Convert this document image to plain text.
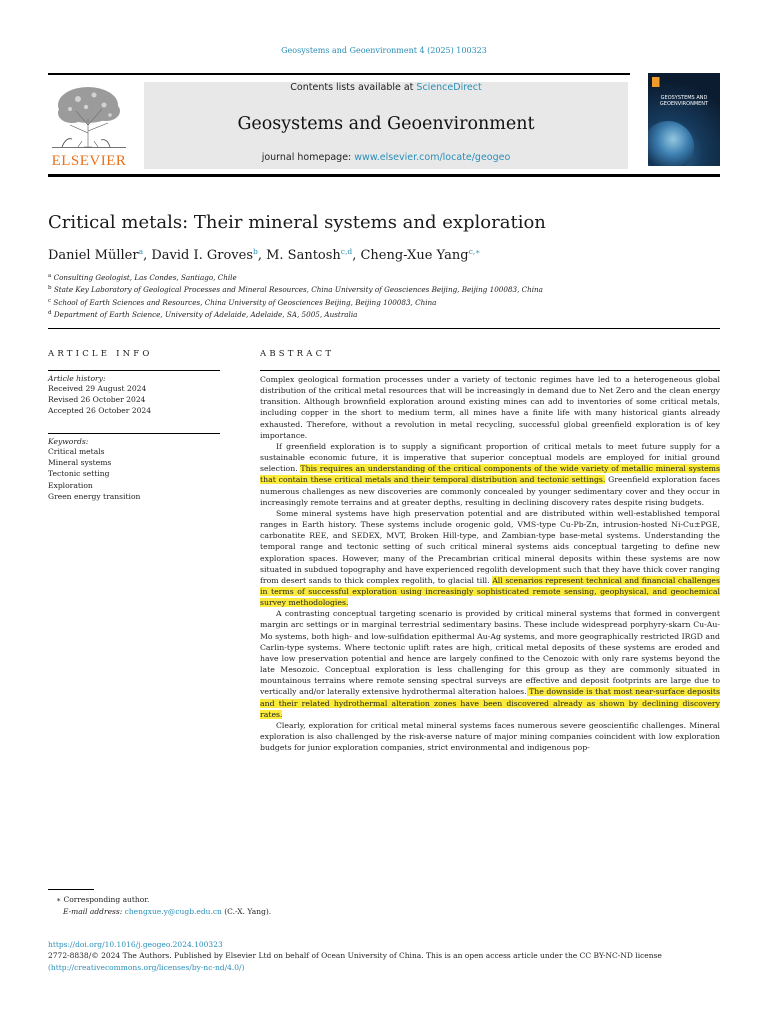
Geosystems and Geoenvironment 4 (2025) 100323
ELSEVIER
Contents lists available at ScienceDirect
Geosystems and Geoenvironment
journal homepage: www.elsevier.com/locate/geogeo
GEOSYSTEMS AND
GEOENVIRONMENT
Critical metals: Their mineral systems and exploration
Daniel Müller$^a$, David I. Groves$^b$, M. Santosh$^{c,d}$, Cheng-Xue Yang$^{c,∗}$
$^a$ Consulting Geologist, Las Condes, Santiago, Chile
$^b$ State Key Laboratory of Geological Processes and Mineral Resources, China University of Geosciences Beijing, Beijing 100083, China
$^c$ School of Earth Sciences and Resources, China University of Geosciences Beijing, Beijing 100083, China
$^d$ Department of Earth Science, University of Adelaide, Adelaide, SA, 5005, Australia
ARTICLE INFO	ABSTRACT
Article history:
Received 29 August 2024
Revised 26 October 2024
Accepted 26 October 2024
Keywords:
Critical metals
Mineral systems
Tectonic setting
Exploration
Green energy transition

Complex geological formation processes under a variety of tectonic regimes have led to a heterogeneous global distribution of the critical metal resources that will be increasingly in demand due to Net Zero and the clean energy transition. Although brownfield exploration around existing mines can add to inventories of some critical metals, including copper in the short to medium term, all mines have a finite life with many historical giants already exhausted. Therefore, without a revolution in metal recycling, successful global greenfield exploration is of key importance.

If greenfield exploration is to supply a significant proportion of critical metals to meet future supply for a sustainable economic future, it is imperative that superior conceptual models are employed for initial ground selection. This requires an understanding of the critical components of the wide variety of metallic mineral systems that contain these critical metals and their temporal distribution and tectonic settings. Greenfield exploration faces numerous challenges as new discoveries are commonly concealed by younger sedimentary cover and they occur in increasingly remote terrains and at greater depths, resulting in declining discovery rates despite rising budgets.

Some mineral systems have high preservation potential and are distributed within well-established temporal ranges in Earth history. These systems include orogenic gold, VMS-type Cu-Pb-Zn, intrusion-hosted Ni-Cu±PGE, carbonatite REE, and SEDEX, MVT, Broken Hill-type, and Zambian-type base-metal systems. Understanding the temporal range and tectonic setting of such critical mineral systems aids conceptual targeting to define new exploration spaces. However, many of the Precambrian critical mineral deposits within these systems are now situated in subdued topography and have experienced regolith development such that they have thick cover ranging from desert sands to thick complex regolith, to glacial till. All scenarios represent technical and financial challenges in terms of successful exploration using increasingly sophisticated remote sensing, geophysical, and geochemical survey methodologies.

A contrasting conceptual targeting scenario is provided by critical mineral systems that formed in convergent margin arc settings or in marginal terrestrial sedimentary basins. These include widespread porphyry-skarn Cu-Au-Mo systems, both high- and low-sulfidation epithermal Au-Ag systems, and more geographically restricted IRGD and Carlin-type systems. Where tectonic uplift rates are high, critical metal deposits of these systems are eroded and have low preservation potential and hence are largely confined to the Cenozoic with only rare systems beyond the late Mesozoic. Conceptual exploration is less challenging for this group as they are commonly situated in mountainous terrains where remote sensing spectral surveys are effective and deposit footprints are large due to vertically and/or laterally extensive hydrothermal alteration haloes. The downside is that most near-surface deposits and their related hydrothermal alteration zones have been discovered already as shown by declining discovery rates.

Clearly, exploration for critical metal mineral systems faces numerous severe geoscientific challenges. Mineral exploration is also challenged by the risk-averse nature of major mining companies coincident with low exploration budgets for junior exploration companies, strict environmental and indigenous pop-

∗ Corresponding author.
E-mail address: chengxue.y@cugb.edu.cn (C.-X. Yang).
https://doi.org/10.1016/j.geogeo.2024.100323
2772-8838/© 2024 The Authors. Published by Elsevier Ltd on behalf of Ocean University of China. This is an open access article under the CC BY-NC-ND license
(http://creativecommons.org/licenses/by-nc-nd/4.0/)
